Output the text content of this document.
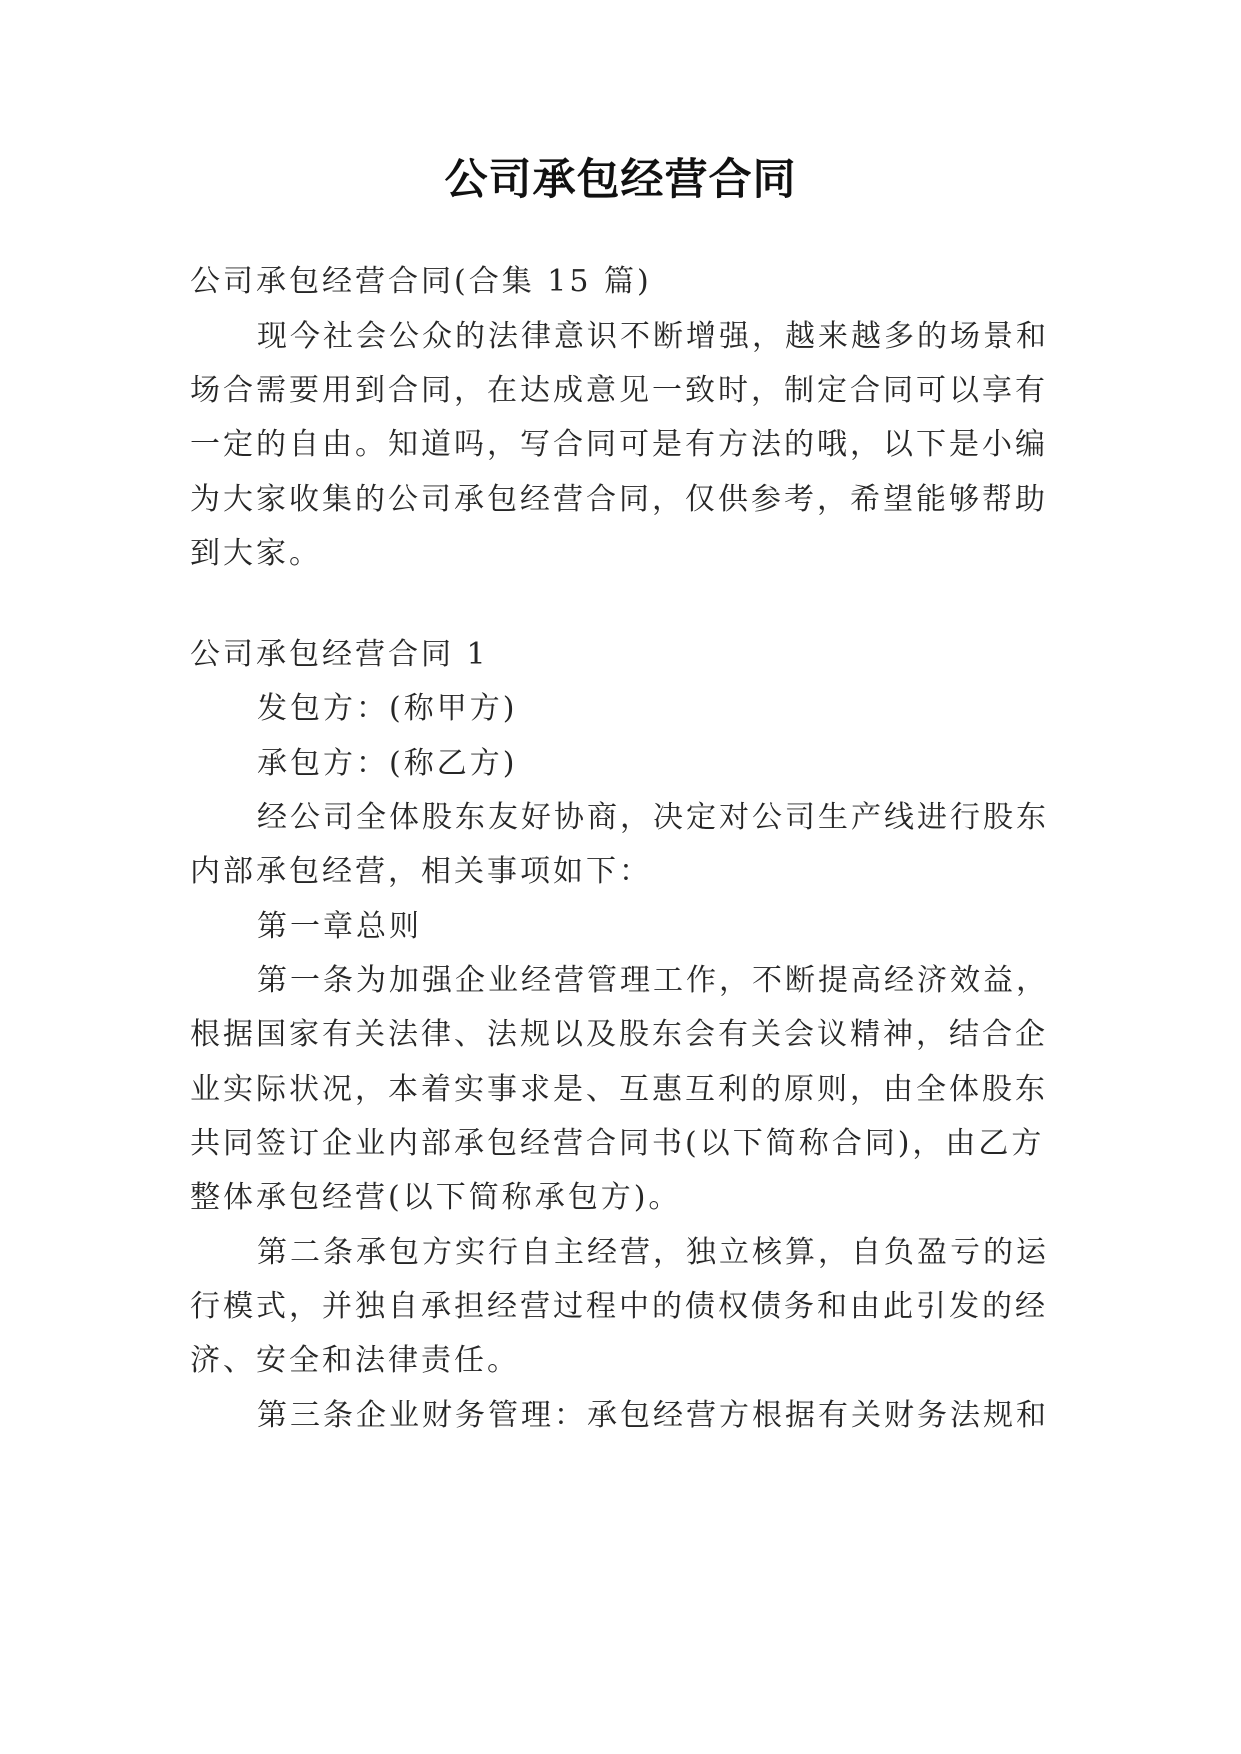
公司承包经营合同
公司承包经营合同(合集 15 篇)
现今社会公众的法律意识不断增强，越来越多的场景和
场合需要用到合同，在达成意见一致时，制定合同可以享有
一定的自由。知道吗，写合同可是有方法的哦，以下是小编
为大家收集的公司承包经营合同，仅供参考，希望能够帮助
到大家。
公司承包经营合同 1
发包方：(称甲方)
承包方：(称乙方)
经公司全体股东友好协商，决定对公司生产线进行股东
内部承包经营，相关事项如下：
第一章总则
第一条为加强企业经营管理工作，不断提高经济效益，
根据国家有关法律、法规以及股东会有关会议精神，结合企
业实际状况，本着实事求是、互惠互利的原则，由全体股东
共同签订企业内部承包经营合同书(以下简称合同)，由乙方
整体承包经营(以下简称承包方)。
第二条承包方实行自主经营，独立核算，自负盈亏的运
行模式，并独自承担经营过程中的债权债务和由此引发的经
济、安全和法律责任。
第三条企业财务管理：承包经营方根据有关财务法规和
